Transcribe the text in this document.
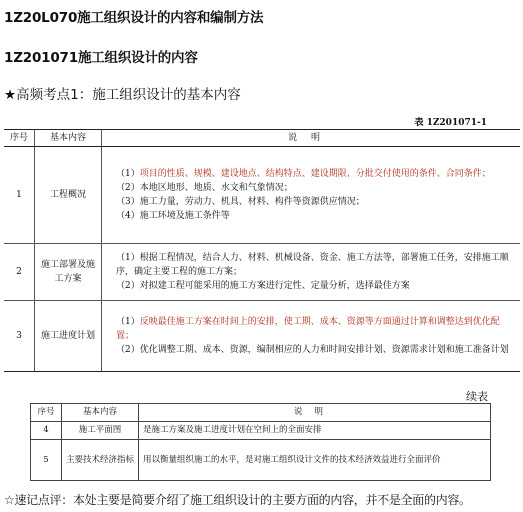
1Z20L070施工组织设计的内容和编制方法
1Z201071施工组织设计的内容
★高频考点1：施工组织设计的基本内容
表 1Z201071-1
序号	基本内容	说明
1	工程概况	（1）项目的性质、规模、建设地点、结构特点、建设期限、分批交付使用的条件、合同条件；
（2）本地区地形、地质、水文和气象情况；
（3）施工力量，劳动力、机具、材料、构件等资源供应情况；
（4）施工环境及施工条件等

2	施工部署及施工方案	（1）根据工程情况，结合人力、材料、机械设备、资金、施工方法等，部署施工任务，安排施工顺序，确定主要工程的施工方案；
（2）对拟建工程可能采用的施工方案进行定性、定量分析，选择最佳方案

3	施工进度计划	（1）反映最佳施工方案在时间上的安排，使工期、成本、资源等方面通过计算和调整达到优化配置；
（2）优化调整工期、成本、资源，编制相应的人力和时间安排计划、资源需求计划和施工准备计划
续表
序号	基本内容	说明
4	施工平面图	是施工方案及施工进度计划在空间上的全面安排
5	主要技术经济指标	用以衡量组织施工的水平，是对施工组织设计文件的技术经济效益进行全面评价
☆速记点评：本处主要是简要介绍了施工组织设计的主要方面的内容，并不是全面的内容。
